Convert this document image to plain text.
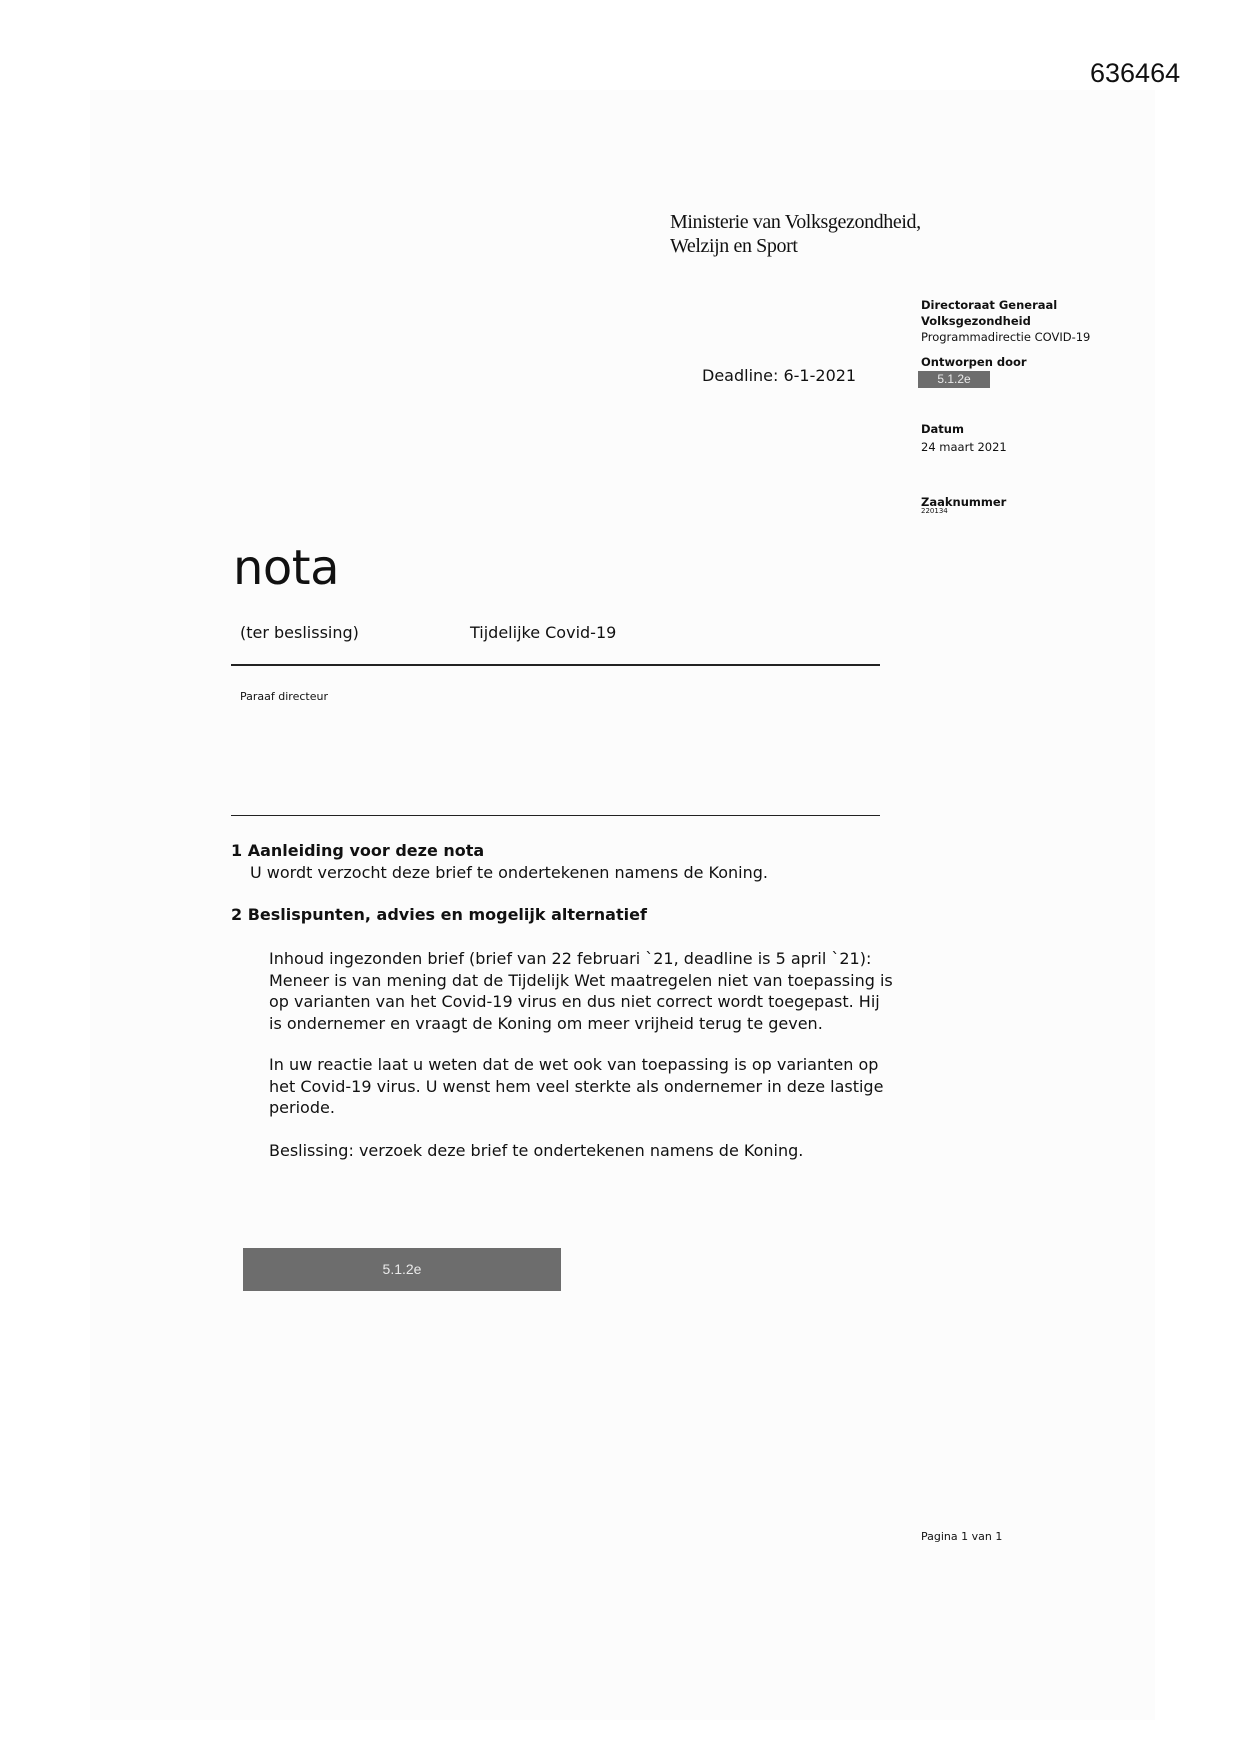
636464
Ministerie van Volksgezondheid,
Welzijn en Sport
Deadline: 6-1-2021
Directoraat Generaal
Volksgezondheid
Programmadirectie COVID-19
Ontworpen door
5.1.2e
Datum
24 maart 2021
Zaaknummer
220134
nota
(ter beslissing)	Tijdelijke Covid-19
Paraaf directeur
1 Aanleiding voor deze nota
U wordt verzocht deze brief te ondertekenen namens de Koning.
2 Beslispunten, advies en mogelijk alternatief
Inhoud ingezonden brief (brief van 22 februari `21, deadline is 5 april `21):
Meneer is van mening dat de Tijdelijk Wet maatregelen niet van toepassing is
op varianten van het Covid-19 virus en dus niet correct wordt toegepast. Hij
is ondernemer en vraagt de Koning om meer vrijheid terug te geven.
In uw reactie laat u weten dat de wet ook van toepassing is op varianten op
het Covid-19 virus. U wenst hem veel sterkte als ondernemer in deze lastige
periode.
Beslissing: verzoek deze brief te ondertekenen namens de Koning.
5.1.2e
Pagina 1 van 1
